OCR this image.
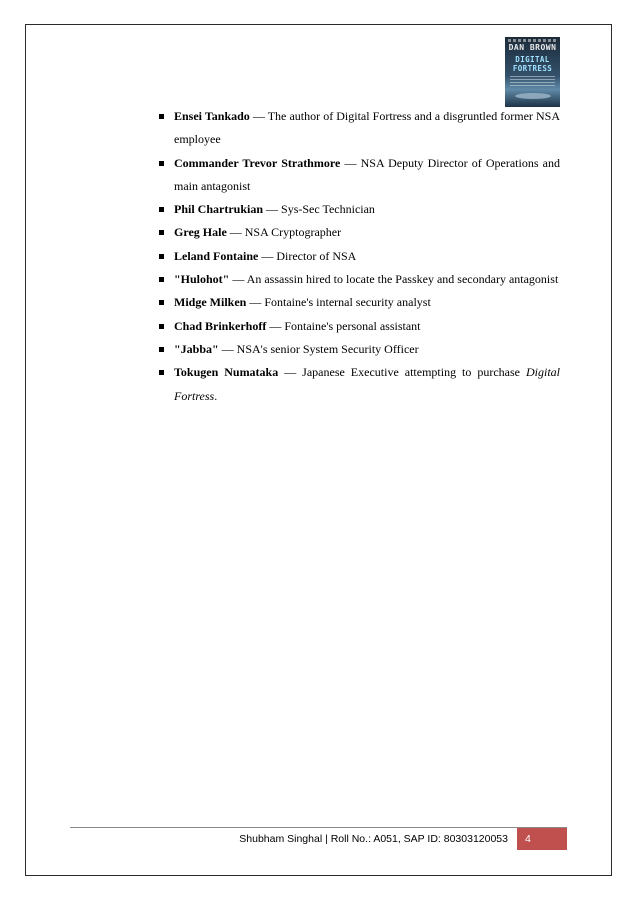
DAN BROWN
DIGITAL
FORTRESS
Ensei Tankado — The author of Digital Fortress and a disgruntled former NSA employee
Commander Trevor Strathmore — NSA Deputy Director of Operations and main antagonist
Phil Chartrukian — Sys-Sec Technician
Greg Hale — NSA Cryptographer
Leland Fontaine — Director of NSA
"Hulohot" — An assassin hired to locate the Passkey and secondary antagonist
Midge Milken — Fontaine's internal security analyst
Chad Brinkerhoff — Fontaine's personal assistant
"Jabba" — NSA's senior System Security Officer
Tokugen Numataka — Japanese Executive attempting to purchase Digital Fortress.
Shubham Singhal | Roll No.: A051, SAP ID: 80303120053	4
